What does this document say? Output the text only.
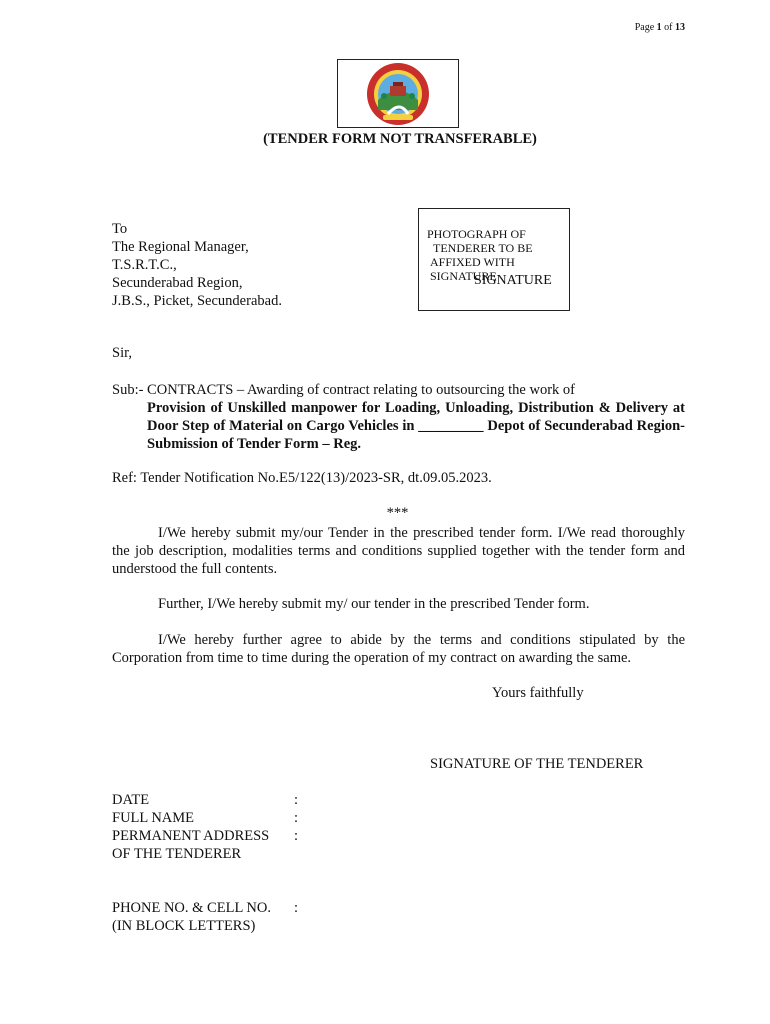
Page 1 of 13
(TENDER FORM NOT TRANSFERABLE)
To
The Regional Manager,
T.S.R.T.C.,
Secunderabad Region,
J.B.S., Picket, Secunderabad.
PHOTOGRAPH OF
TENDERER TO BE
AFFIXED WITH
SIGNATURE
SIGNATURE
Sir,
Sub:- CONTRACTS – Awarding of contract relating to outsourcing the work of
Provision of Unskilled manpower for Loading, Unloading, Distribution & Delivery at Door Step of Material on Cargo Vehicles in _________ Depot of Secunderabad Region- Submission of Tender Form – Reg.
Ref: Tender Notification No.E5/122(13)/2023-SR, dt.09.05.2023.
***
I/We hereby submit my/our Tender in the prescribed tender form. I/We read thoroughly the job description, modalities terms and conditions supplied together with the tender form and understood the full contents.
Further, I/We hereby submit my/ our tender in the prescribed Tender form.
I/We hereby further agree to abide by the terms and conditions stipulated by the Corporation from time to time during the operation of my contract on awarding the same.
Yours faithfully
SIGNATURE OF THE TENDERER
DATE	:
FULL NAME	:
PERMANENT ADDRESS :
OF THE TENDERER
PHONE NO. & CELL NO. :
(IN BLOCK LETTERS)
